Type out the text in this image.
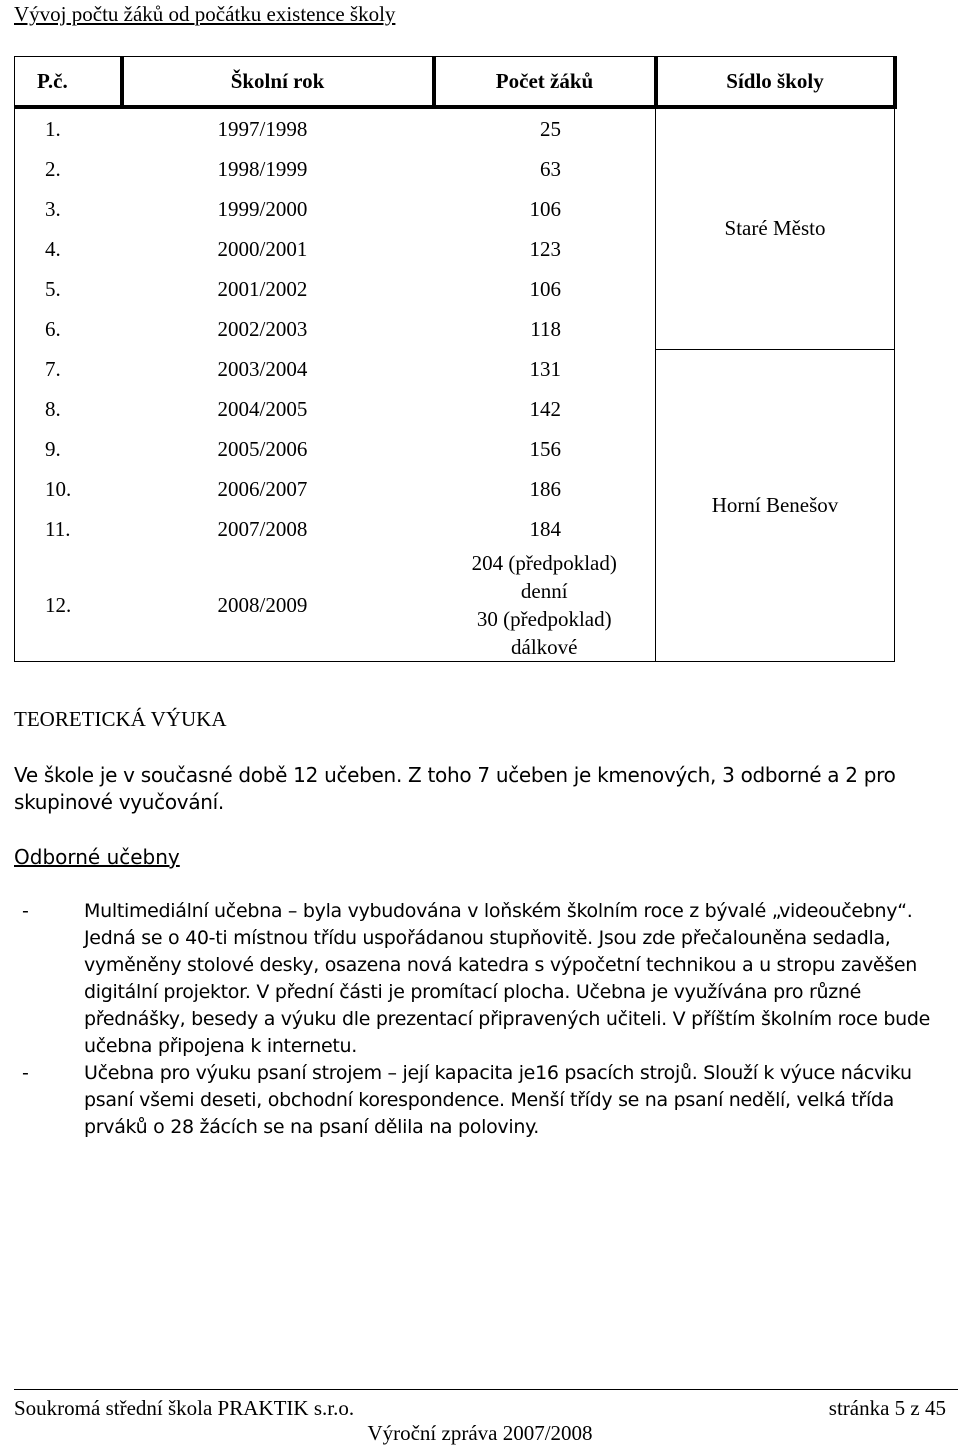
Vývoj počtu žáků od počátku existence školy
P.č.	Školní rok	Počet žáků	Sídlo školy
1.	1997/1998	25	Staré Město
2.	1998/1999	63	
3.	1999/2000	106	
4.	2000/2001	123	
5.	2001/2002	106	
6.	2002/2003	118	
7.	2003/2004	131	Horní Benešov
8.	2004/2005	142	
9.	2005/2006	156	
10.	2006/2007	186	
11.	2007/2008	184	
12.	2008/2009	204 (předpoklad)
denní
30 (předpoklad)
dálkové	
TEORETICKÁ VÝUKA

Ve škole je v současné době 12 učeben. Z toho 7 učeben je kmenových, 3 odborné a 2 pro

skupinové vyučování.

Odborné učebny
-	Multimediální učebna – byla vybudována v loňském školním roce z bývalé „videoučebny“. Jedná se o 40-ti místnou třídu uspořádanou stupňovitě. Jsou zde přečalouněna sedadla, vyměněny stolové desky, osazena nová katedra s výpočetní technikou a u stropu zavěšen digitální projektor. V přední části je promítací plocha. Učebna je využívána pro různé přednášky, besedy a výuku dle prezentací připravených učiteli. V příštím školním roce bude učebna připojena k internetu.
-	Učebna pro výuku psaní strojem – její kapacita je16 psacích strojů. Slouží k výuce nácviku psaní všemi deseti, obchodní korespondence. Menší třídy se na psaní nedělí, velká třída prváků o 28 žácích se na psaní dělila na poloviny.
Soukromá střední škola PRAKTIK s.r.o.	stránka 5 z 45
Výroční zpráva 2007/2008
